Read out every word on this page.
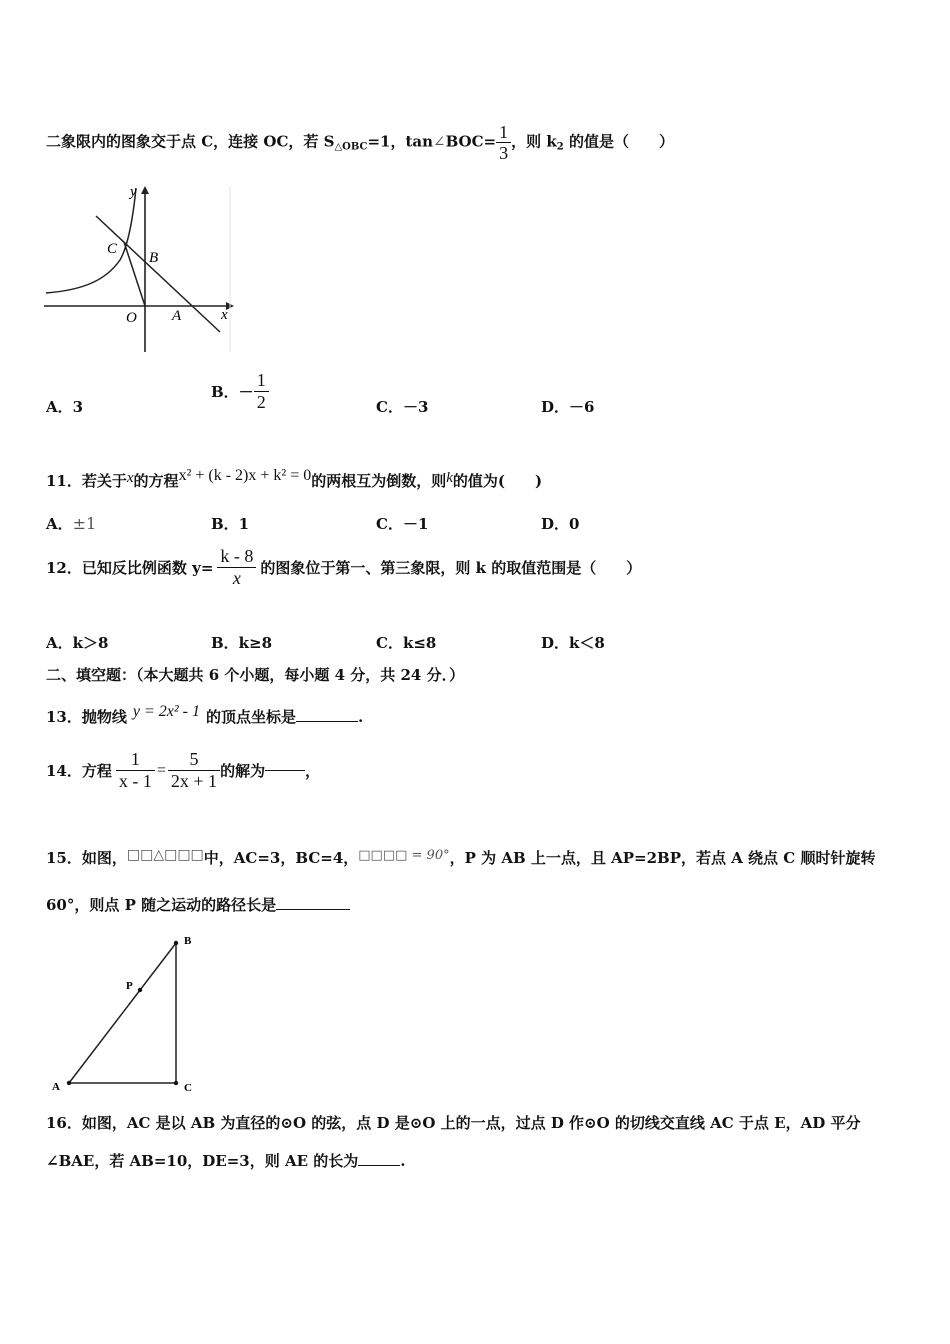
二象限内的图象交于点 C，连接 OC，若 $S_{\triangle OBC}=1$，tan∠BOC= $\frac{1}{3}$ ，则 $k_2$ 的值是（　　）
y
x
C
B
O A
A．3
B．－ $\frac{1}{2}$	C．－3	D．－6
11．若关于x的方程x² + (k - 2)x + k² = 0的两根互为倒数，则k的值为(　　)
A．±1	B．1	C．－1	D．0
12．已知反比例函数 $y= \frac{k - 8}{x}$ 的图象位于第一、第三象限，则 k 的取值范围是（　　）
A．k＞8	B．k≥8	C．k≤8	D．k＜8
二、填空题：（本大题共 6 个小题，每小题 4 分，共 24 分．）
13．抛物线 y = 2x² - 1 的顶点坐标是	.
14．方程 $\frac{1}{x - 1} = \frac{5}{2x + 1}$ 的解为	，
15．如图，□□△□□□中，AC=3，BC=4，□□□□ = 90°，P 为 AB 上一点，且 AP=2BP，若点 A 绕点 C 顺时针旋转
60°，则点 P 随之运动的路径长是
A	C
B
P
16．如图，AC 是以 AB 为直径的⊙O 的弦，点 D 是⊙O 上的一点，过点 D 作⊙O 的切线交直线 AC 于点 E，AD 平分
∠BAE，若 AB=10，DE=3，则 AE 的长为	.
